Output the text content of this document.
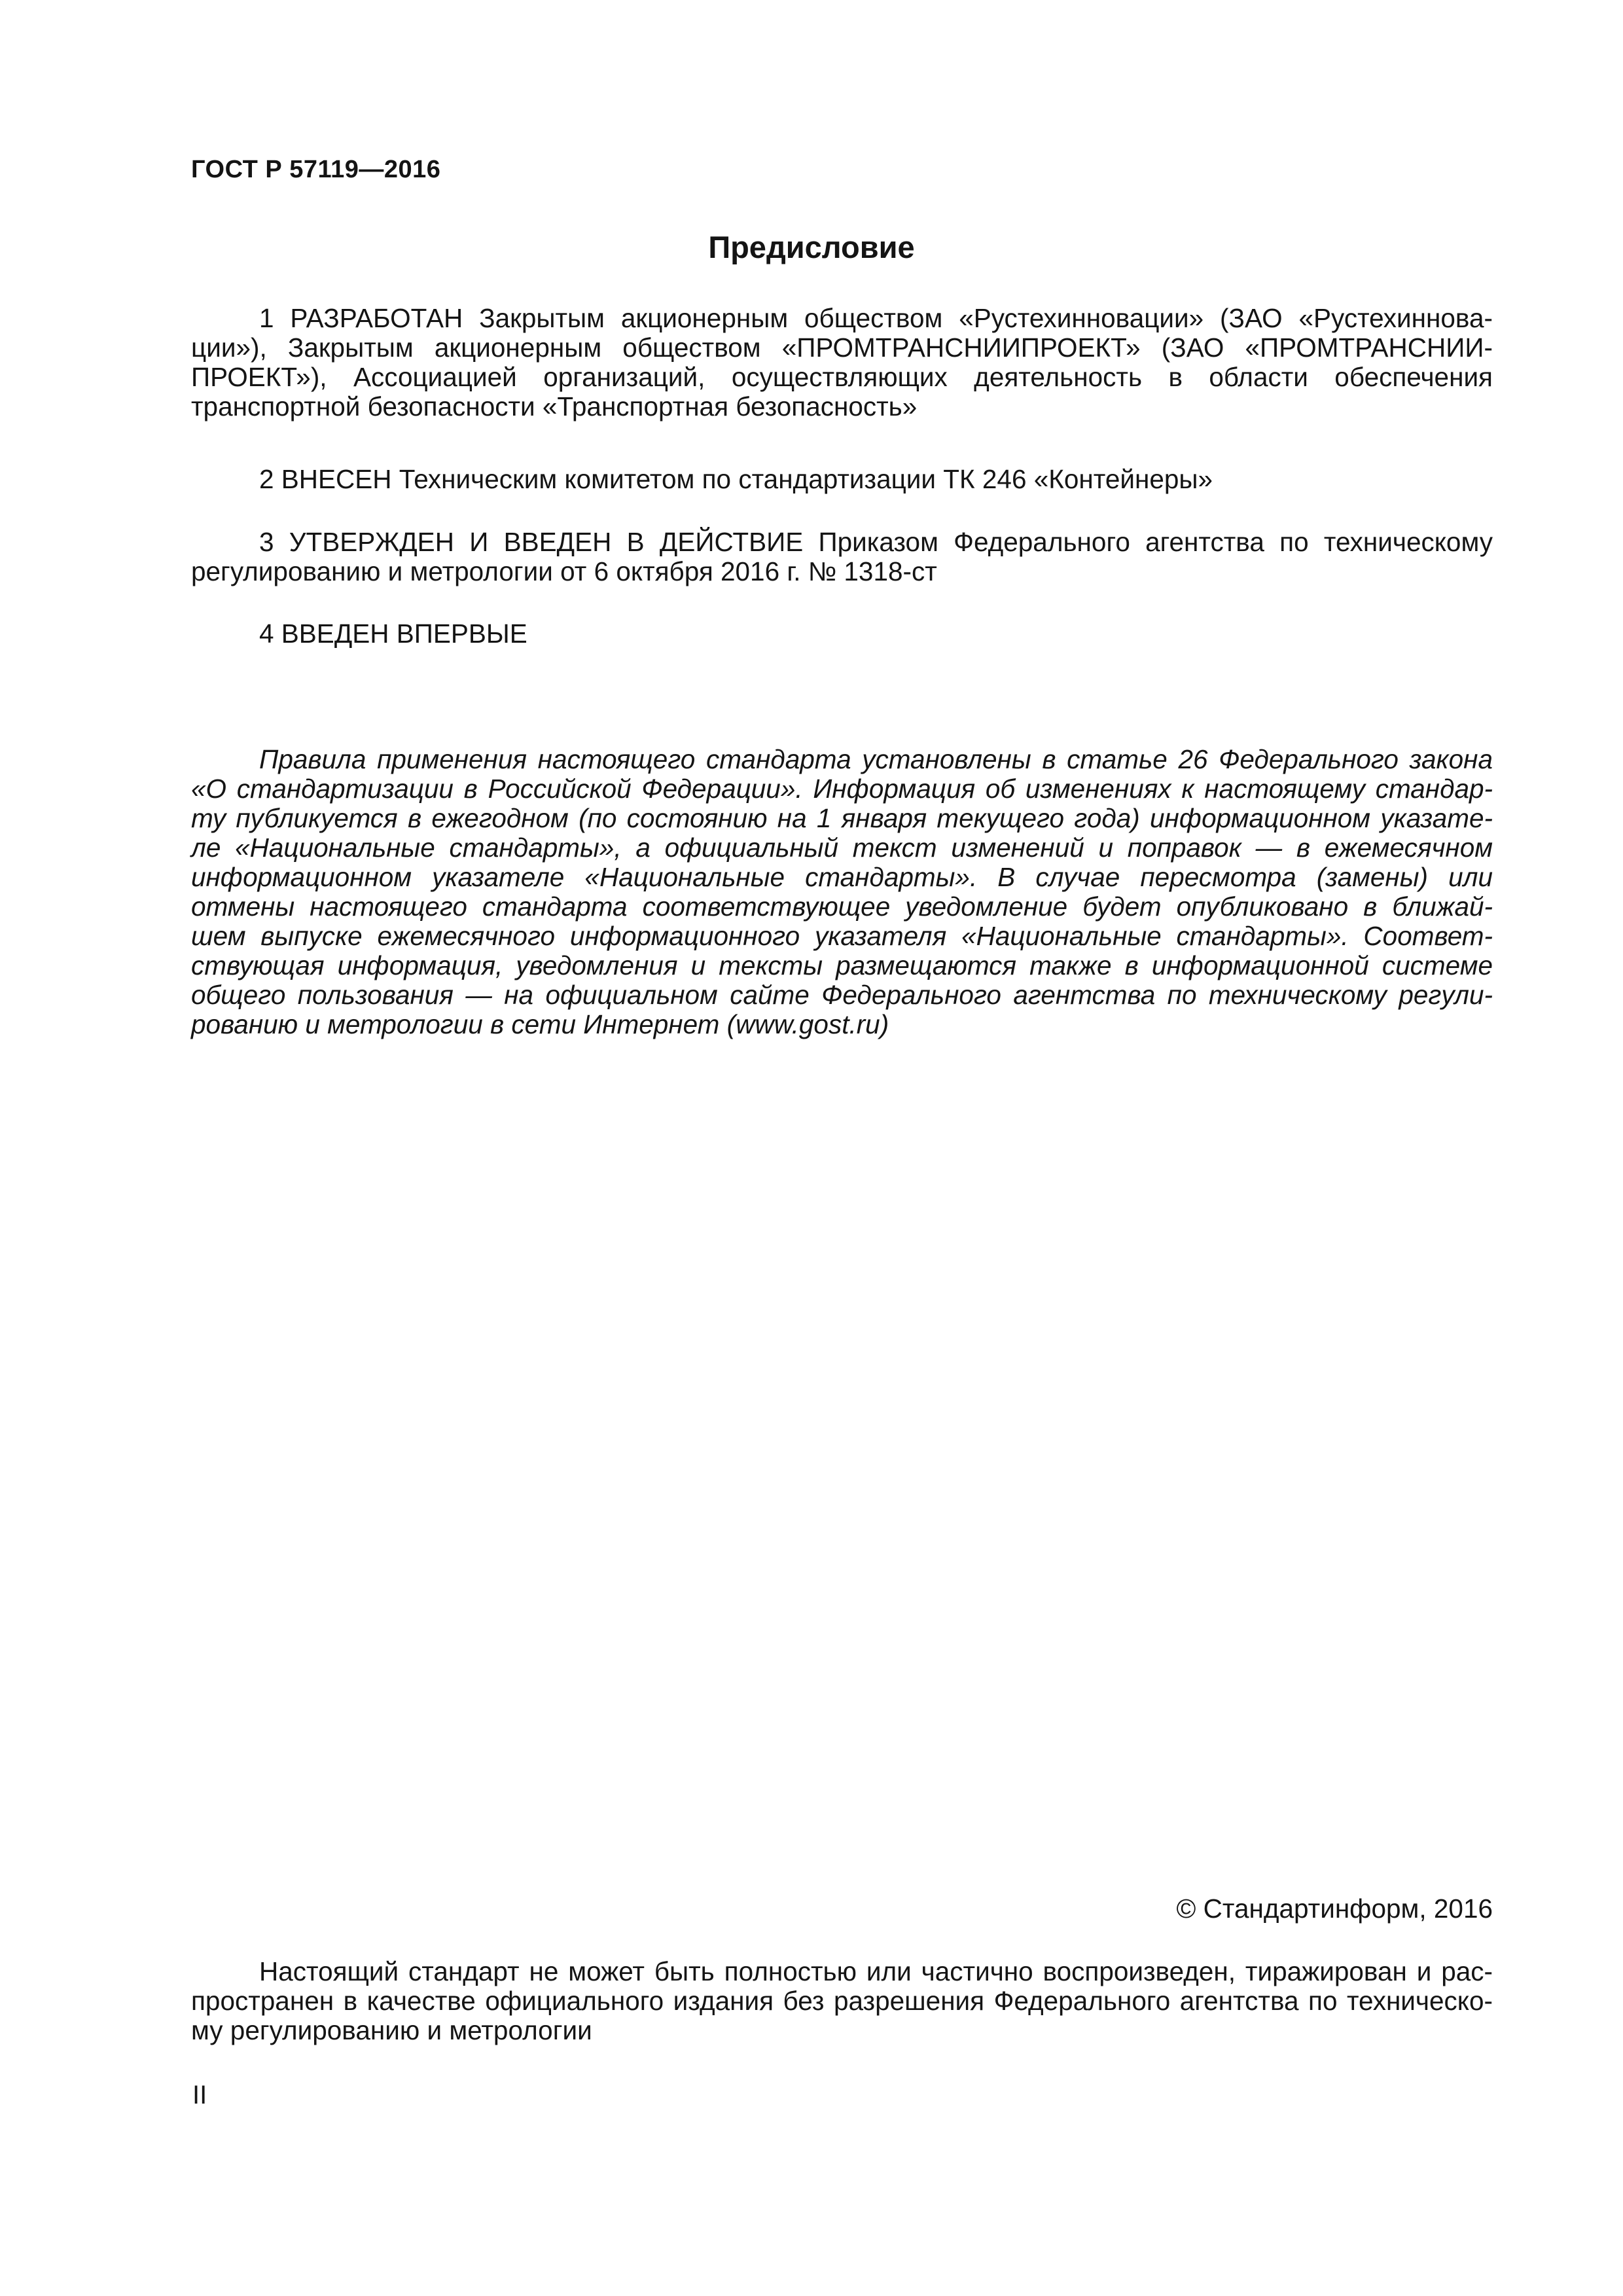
ГОСТ Р 57119—2016
Предисловие
1 РАЗРАБОТАН Закрытым акционерным обществом «Рустехинновации» (ЗАО «Рустехиннова-
ции»), Закрытым акционерным обществом «ПРОМТРАНСНИИПРОЕКТ» (ЗАО «ПРОМТРАНСНИИ-
ПРОЕКТ»), Ассоциацией организаций, осуществляющих деятельность в области обеспечения
транспортной безопасности «Транспортная безопасность»
2 ВНЕСЕН Техническим комитетом по стандартизации ТК 246 «Контейнеры»
3 УТВЕРЖДЕН И ВВЕДЕН В ДЕЙСТВИЕ Приказом Федерального агентства по техническому
регулированию и метрологии от 6 октября 2016 г. № 1318-ст
4 ВВЕДЕН ВПЕРВЫЕ
Правила применения настоящего стандарта установлены в статье 26 Федерального закона
«О стандартизации в Российской Федерации». Информация об изменениях к настоящему стандар-
ту публикуется в ежегодном (по состоянию на 1 января текущего года) информационном указате-
ле «Национальные стандарты», а официальный текст изменений и поправок — в ежемесячном
информационном указателе «Национальные стандарты». В случае пересмотра (замены) или
отмены настоящего стандарта соответствующее уведомление будет опубликовано в ближай-
шем выпуске ежемесячного информационного указателя «Национальные стандарты». Соответ-
ствующая информация, уведомления и тексты размещаются также в информационной системе
общего пользования — на официальном сайте Федерального агентства по техническому регули-
рованию и метрологии в сети Интернет (www.gost.ru)
© Стандартинформ, 2016
Настоящий стандарт не может быть полностью или частично воспроизведен, тиражирован и рас-
пространен в качестве официального издания без разрешения Федерального агентства по техническо-
му регулированию и метрологии
II
